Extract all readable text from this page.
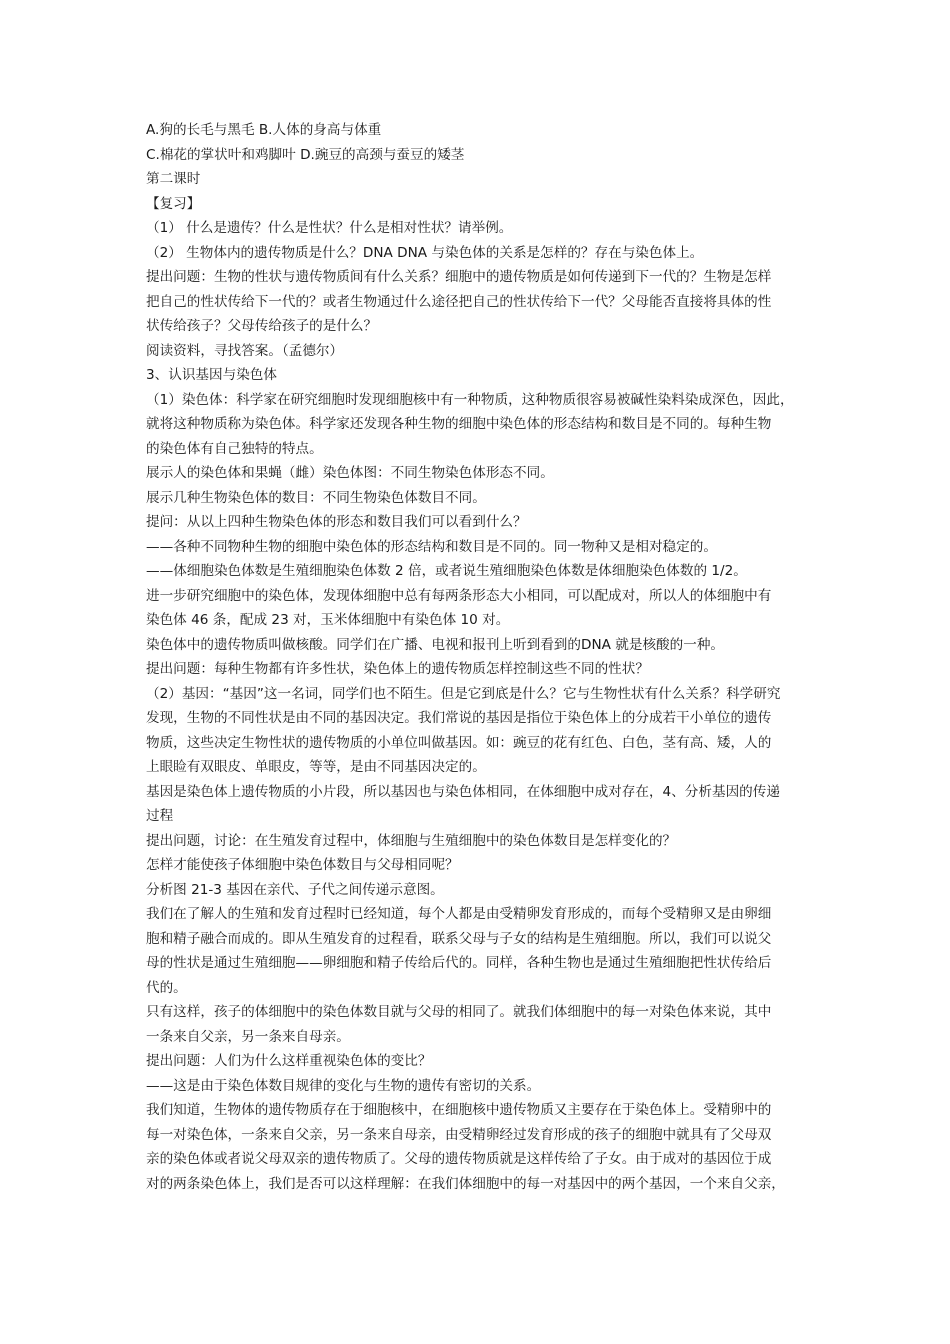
A.狗的长毛与黑毛 B.人体的身高与体重
C.棉花的掌状叶和鸡脚叶 D.豌豆的高颈与蚕豆的矮茎
第二课时
【复习】
（1） 什么是遗传？什么是性状？什么是相对性状？请举例。
（2） 生物体内的遗传物质是什么？DNA DNA 与染色体的关系是怎样的？存在与染色体上。
提出问题：生物的性状与遗传物质间有什么关系？细胞中的遗传物质是如何传递到下一代的？生物是怎样
把自己的性状传给下一代的？或者生物通过什么途径把自己的性状传给下一代？父母能否直接将具体的性
状传给孩子？父母传给孩子的是什么？
阅读资料，寻找答案。（孟德尔）
3、认识基因与染色体
（1）染色体：科学家在研究细胞时发现细胞核中有一种物质，这种物质很容易被碱性染料染成深色，因此，
就将这种物质称为染色体。科学家还发现各种生物的细胞中染色体的形态结构和数目是不同的。每种生物
的染色体有自己独特的特点。
展示人的染色体和果蝇（雌）染色体图：不同生物染色体形态不同。
展示几种生物染色体的数目：不同生物染色体数目不同。
提问：从以上四种生物染色体的形态和数目我们可以看到什么？
——各种不同物种生物的细胞中染色体的形态结构和数目是不同的。同一物种又是相对稳定的。
——体细胞染色体数是生殖细胞染色体数 2 倍，或者说生殖细胞染色体数是体细胞染色体数的 1/2。
进一步研究细胞中的染色体，发现体细胞中总有每两条形态大小相同，可以配成对，所以人的体细胞中有
染色体 46 条，配成 23 对，玉米体细胞中有染色体 10 对。
染色体中的遗传物质叫做核酸。同学们在广播、电视和报刊上听到看到的DNA 就是核酸的一种。
提出问题：每种生物都有许多性状，染色体上的遗传物质怎样控制这些不同的性状？
（2）基因：“基因”这一名词，同学们也不陌生。但是它到底是什么？它与生物性状有什么关系？科学研究
发现，生物的不同性状是由不同的基因决定。我们常说的基因是指位于染色体上的分成若干小单位的遗传
物质，这些决定生物性状的遗传物质的小单位叫做基因。如：豌豆的花有红色、白色，茎有高、矮，人的
上眼睑有双眼皮、单眼皮，等等，是由不同基因决定的。
基因是染色体上遗传物质的小片段，所以基因也与染色体相同，在体细胞中成对存在，4、分析基因的传递
过程
提出问题，讨论：在生殖发育过程中，体细胞与生殖细胞中的染色体数目是怎样变化的？
怎样才能使孩子体细胞中染色体数目与父母相同呢？
分析图 21-3 基因在亲代、子代之间传递示意图。
我们在了解人的生殖和发育过程时已经知道，每个人都是由受精卵发育形成的，而每个受精卵又是由卵细
胞和精子融合而成的。即从生殖发育的过程看，联系父母与子女的结构是生殖细胞。所以，我们可以说父
母的性状是通过生殖细胞——卵细胞和精子传给后代的。同样，各种生物也是通过生殖细胞把性状传给后
代的。
只有这样，孩子的体细胞中的染色体数目就与父母的相同了。就我们体细胞中的每一对染色体来说，其中
一条来自父亲，另一条来自母亲。
提出问题：人们为什么这样重视染色体的变比？
——这是由于染色体数目规律的变化与生物的遗传有密切的关系。
我们知道，生物体的遗传物质存在于细胞核中，在细胞核中遗传物质又主要存在于染色体上。受精卵中的
每一对染色体，一条来自父亲，另一条来自母亲，由受精卵经过发育形成的孩子的细胞中就具有了父母双
亲的染色体或者说父母双亲的遗传物质了。父母的遗传物质就是这样传给了子女。由于成对的基因位于成
对的两条染色体上，我们是否可以这样理解：在我们体细胞中的每一对基因中的两个基因，一个来自父亲，
